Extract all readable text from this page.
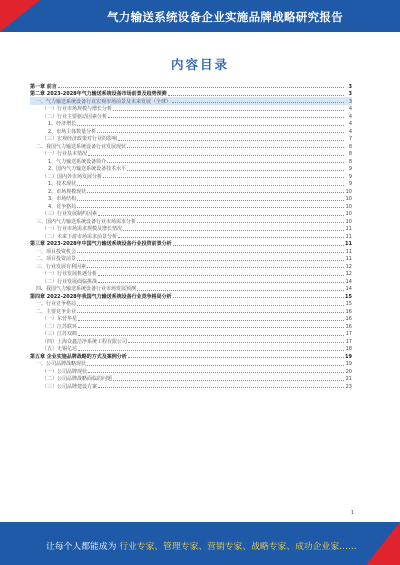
气力输送系统设备企业实施品牌战略研究报告
内容目录
第一章 前言	3
第二章 2023-2028年气力输送系统设备市场前景及趋势预测	3
一、气力输送系统设备行业宏观市场前景及未来发展（全球）	3
（一）行业市场规模与增长分析	4
（二）行业主要驱动因素分析	4
1、经济增长	4
2、市场主体数量分析	4
（三）宏观经济政策对行业的影响	7
二、我国气力输送系统设备行业发展现状	8
（一）行业基本情况	8
1、气力输送系统设备简介	8
2、国内气力输送系统设备技术水平	9
（二）国内外市场发展分析	9
1、技术现状	9
2、市场规模现状	10
3、市场结构	10
4、竞争格局	10
（三）行业发展制约因素	10
三、国内气力输送系统设备行业市场需求分析	10
（一）行业市场需求规模及增长情况	11
（二）未来下游市场需求前景分析	11
第三章 2023-2028年中国气力输送系统设备行业投资前景分析	11
一、项目投资机会	11
二、项目投资前景	11
三、行业发展有利因素	12
（一）行业发展机遇分析	12
（二）行业发展面临挑战	14
四、我国气力输送系统设备行业市场发展预测	14
第四章 2022-2028年我国气力输送系统设备行业竞争格局分析	15
一、行业竞争格局	15
二、主要竞争企业	16
（一）东营华星	16
（二）江苏联环	16
（三）江苏双鹤	17
（四）上海众鑫洁净系统工程有限公司	17
（五）无锡亿达	18
第五章 企业实施品牌战略的方式及案例分析	19
一、公司品牌战略现状	19
（一）公司品牌现状	20
（二）公司品牌战略面临的问题	21
（三）公司品牌建设方案	23
1
让每个人都能成为 行业专家、管理专家、营销专家、战略专家、成功企业家……
